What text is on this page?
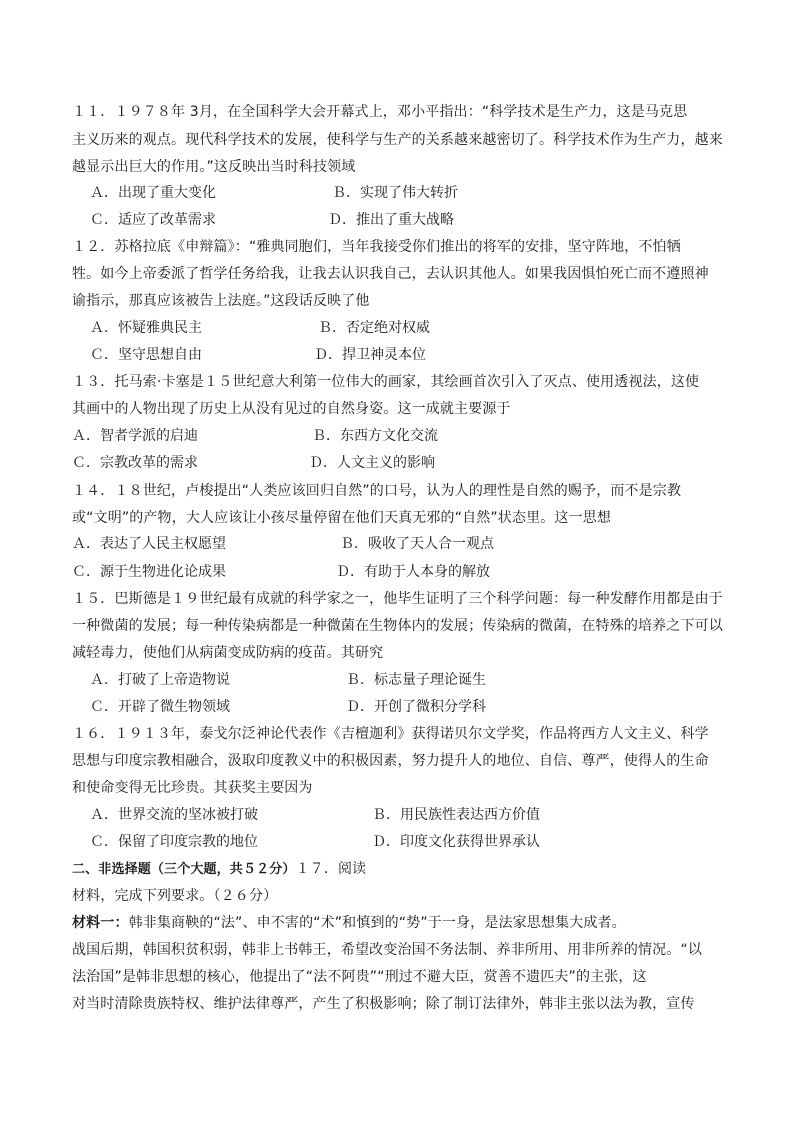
１１．１９７８年 3月，在全国科学大会开幕式上，邓小平指出：“科学技术是生产力，这是马克思
主义历来的观点。现代科学技术的发展，使科学与生产的关系越来越密切了。科学技术作为生产力，越来
越显示出巨大的作用。”这反映出当时科技领域
Ａ．出现了重大变化	Ｂ．实现了伟大转折
Ｃ．适应了改革需求	Ｄ．推出了重大战略
１２．苏格拉底《申辩篇》：“雅典同胞们，当年我接受你们推出的将军的安排，坚守阵地，不怕牺
牲。如今上帝委派了哲学任务给我，让我去认识我自己，去认识其他人。如果我因惧怕死亡而不遵照神
谕指示，那真应该被告上法庭。”这段话反映了他
Ａ．怀疑雅典民主	Ｂ．否定绝对权威
Ｃ．坚守思想自由	Ｄ．捍卫神灵本位
１３．托马索·卡塞是１５世纪意大利第一位伟大的画家，其绘画首次引入了灭点、使用透视法，这使
其画中的人物出现了历史上从没有见过的自然身姿。这一成就主要源于
Ａ．智者学派的启迪	Ｂ．东西方文化交流
Ｃ．宗教改革的需求	Ｄ．人文主义的影响
１４．１８世纪，卢梭提出“人类应该回归自然”的口号，认为人的理性是自然的赐予，而不是宗教
或“文明”的产物，大人应该让小孩尽量停留在他们天真无邪的“自然”状态里。这一思想
Ａ．表达了人民主权愿望	Ｂ．吸收了天人合一观点
Ｃ．源于生物进化论成果	Ｄ．有助于人本身的解放
１５．巴斯德是１９世纪最有成就的科学家之一，他毕生证明了三个科学问题：每一种发酵作用都是由于
一种微菌的发展；每一种传染病都是一种微菌在生物体内的发展；传染病的微菌，在特殊的培养之下可以
减轻毒力，使他们从病菌变成防病的疫苗。其研究
Ａ．打破了上帝造物说	Ｂ．标志量子理论诞生
Ｃ．开辟了微生物领域	Ｄ．开创了微积分学科
１６．１９１３年，泰戈尔泛神论代表作《吉檀迦利》获得诺贝尔文学奖，作品将西方人文主义、科学
思想与印度宗教相融合，汲取印度教义中的积极因素，努力提升人的地位、自信、尊严，使得人的生命
和使命变得无比珍贵。其获奖主要因为
Ａ．世界交流的坚冰被打破	Ｂ．用民族性表达西方价值
Ｃ．保留了印度宗教的地位	Ｄ．印度文化获得世界承认
二、非选择题（三个大题，共５２分）１７．阅读
材料，完成下列要求。（２６分）
材料一：韩非集商鞅的“法”、申不害的“术”和慎到的“势”于一身，是法家思想集大成者。
战国后期，韩国积贫积弱，韩非上书韩王，希望改变治国不务法制、养非所用、用非所养的情况。“以
法治国”是韩非思想的核心，他提出了“法不阿贵”“刑过不避大臣，赏善不遗匹夫”的主张，这
对当时清除贵族特权、维护法律尊严，产生了积极影响；除了制订法律外，韩非主张以法为教，宣传
